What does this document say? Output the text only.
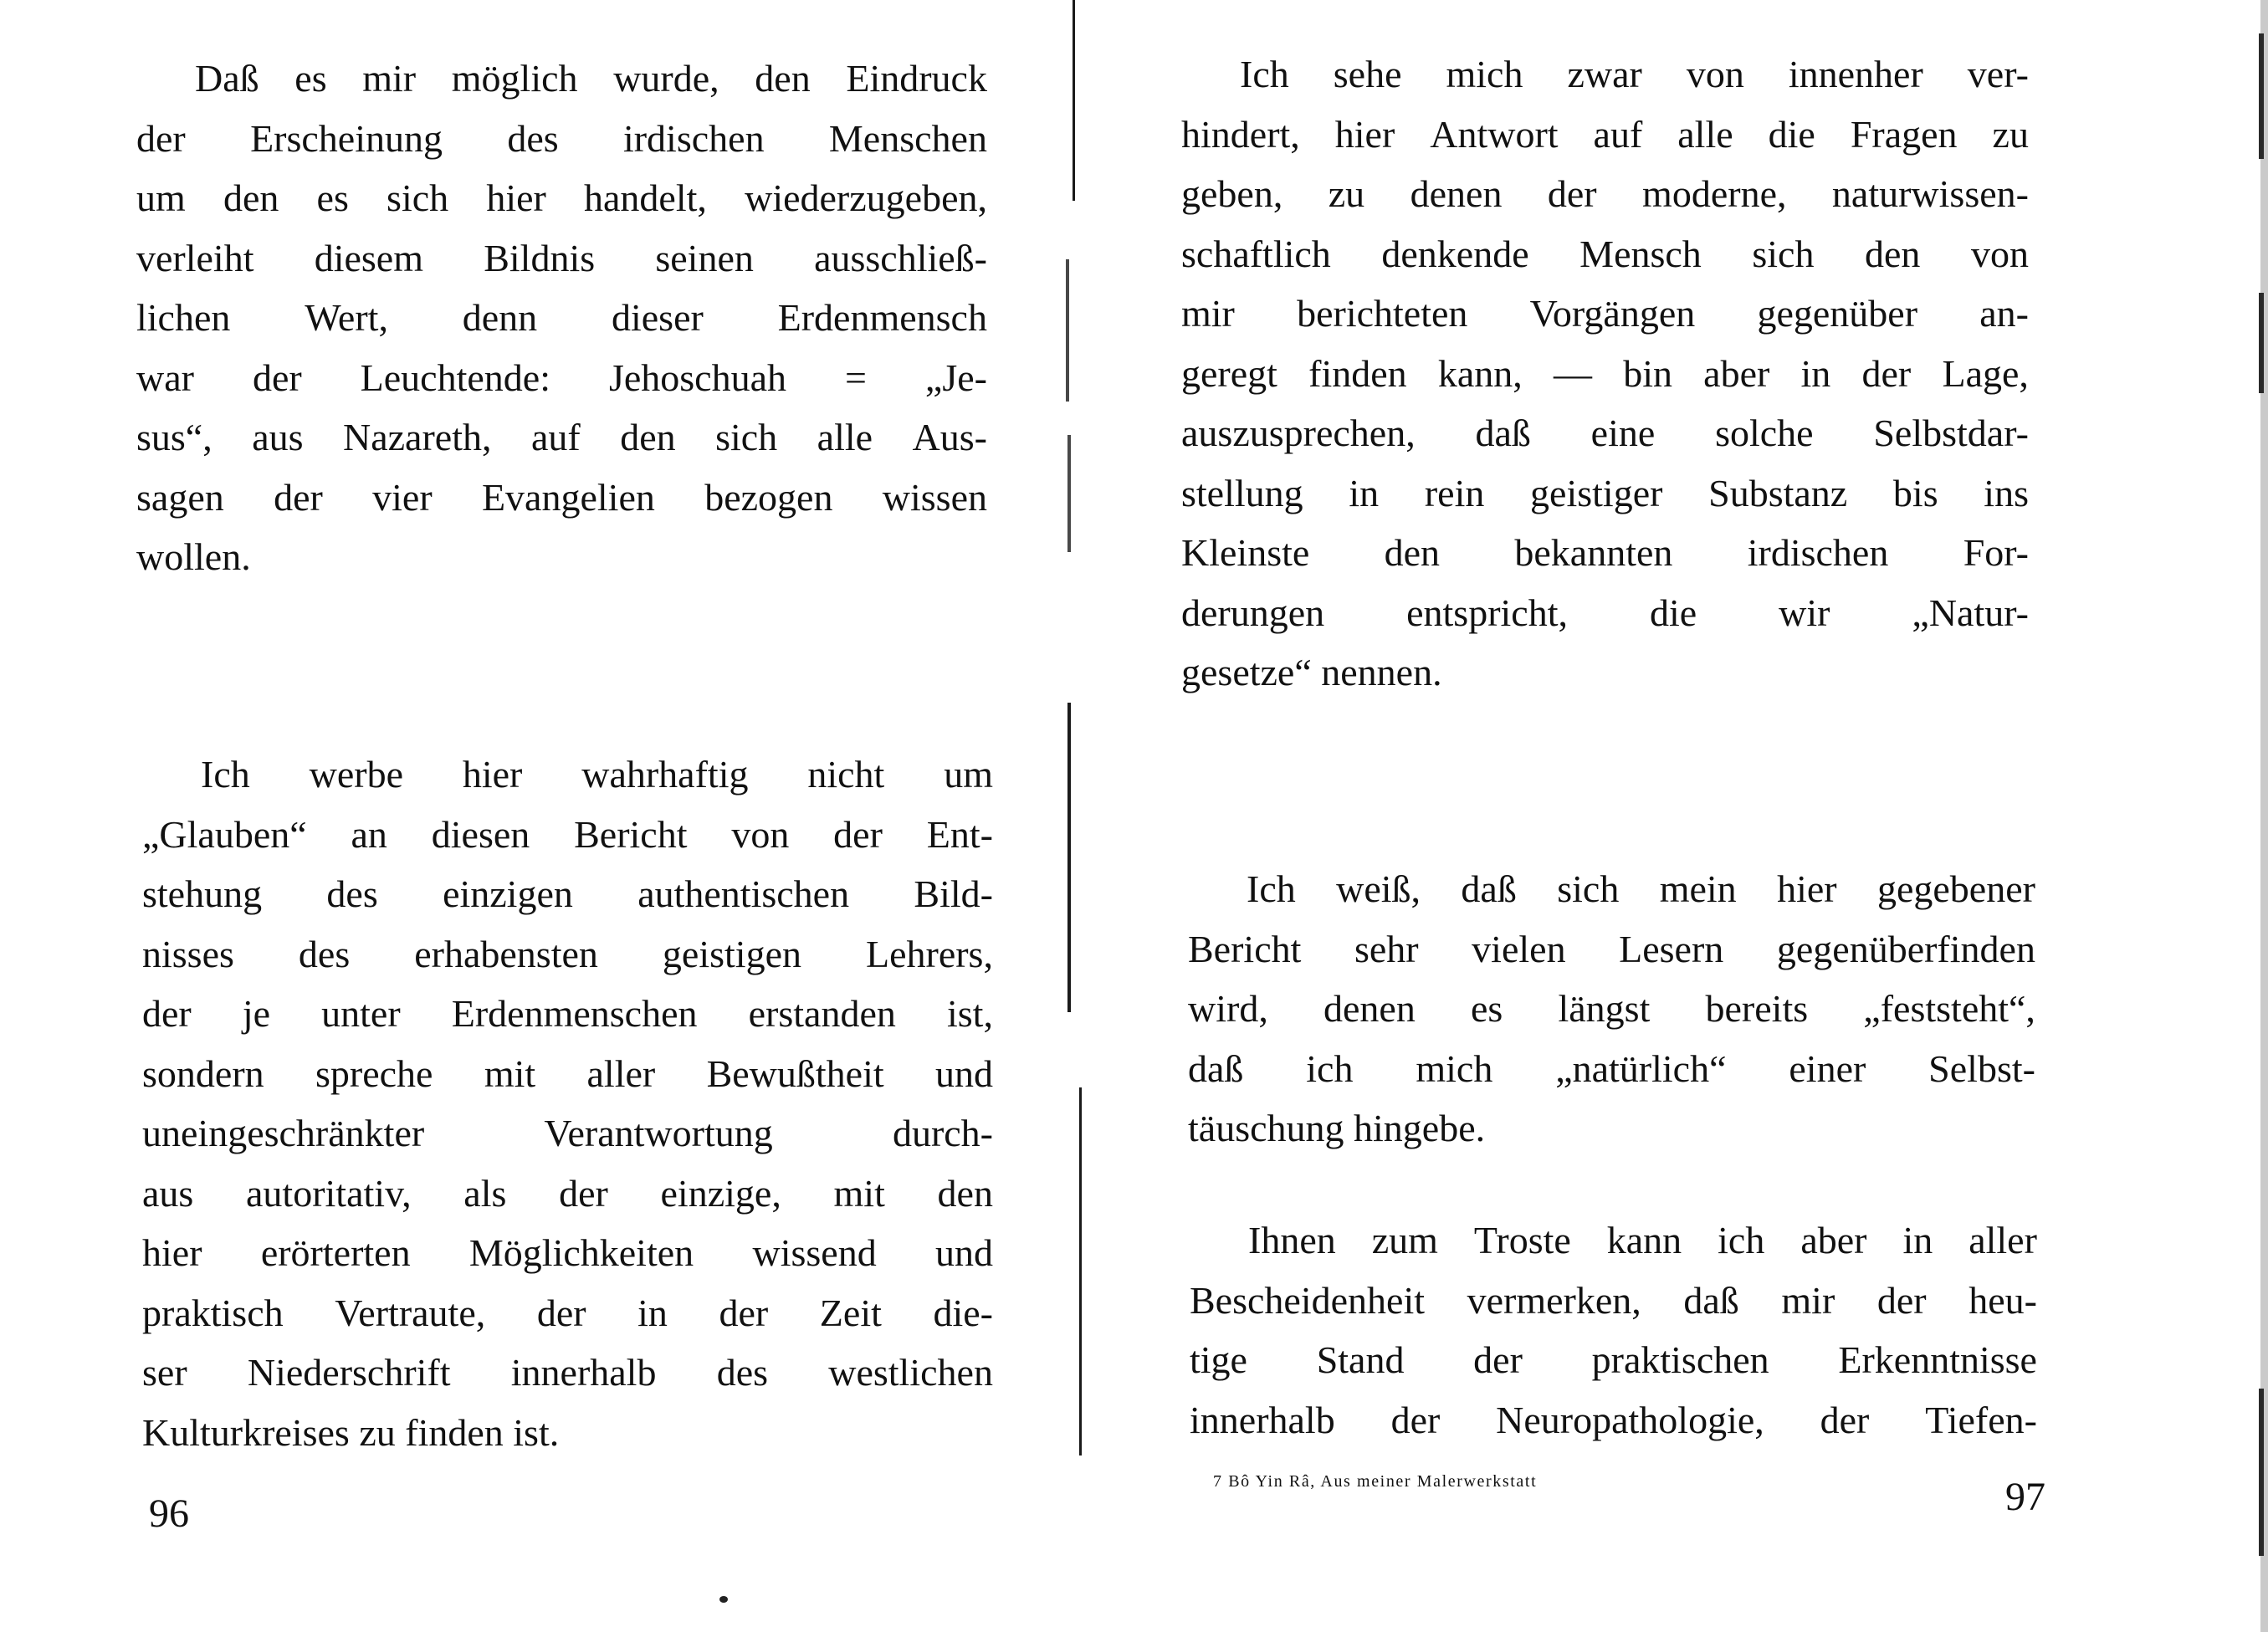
Daß es mir möglich wurde, den Eindruck
der Erscheinung des irdischen Menschen
um den es sich hier handelt, wiederzugeben,
verleiht diesem Bildnis seinen ausschließ-
lichen Wert, denn dieser Erdenmensch
war der Leuchtende: Jehoschuah = „Je-
sus“, aus Nazareth, auf den sich alle Aus-
sagen der vier Evangelien bezogen wissen
wollen.
Ich werbe hier wahrhaftig nicht um
„Glauben“ an diesen Bericht von der Ent-
stehung des einzigen authentischen Bild-
nisses des erhabensten geistigen Lehrers,
der je unter Erdenmenschen erstanden ist,
sondern spreche mit aller Bewußtheit und
uneingeschränkter	Verantwortung	durch-
aus autoritativ, als der einzige, mit den
hier erörterten Möglichkeiten wissend und
praktisch Vertraute, der in der Zeit die-
ser Niederschrift innerhalb des westlichen
Kulturkreises zu finden ist.
96
Ich sehe mich zwar von innenher ver-
hindert, hier Antwort auf alle die Fragen zu
geben, zu denen der moderne, naturwissen-
schaftlich denkende Mensch sich den von
mir berichteten Vorgängen gegenüber an-
geregt finden kann, — bin aber in der Lage,
auszusprechen, daß eine solche Selbstdar-
stellung in rein geistiger Substanz bis ins
Kleinste den bekannten irdischen For-
derungen entspricht, die wir „Natur-
gesetze“ nennen.
Ich weiß, daß sich mein hier gegebener
Bericht sehr vielen Lesern gegenüberfinden
wird, denen es längst bereits „feststeht“,
daß ich mich „natürlich“ einer Selbst-
täuschung hingebe.
Ihnen zum Troste kann ich aber in aller
Bescheidenheit vermerken, daß mir der heu-
tige Stand der praktischen Erkenntnisse
innerhalb der Neuropathologie, der Tiefen-
7 Bô Yin Râ, Aus meiner Malerwerkstatt	97
